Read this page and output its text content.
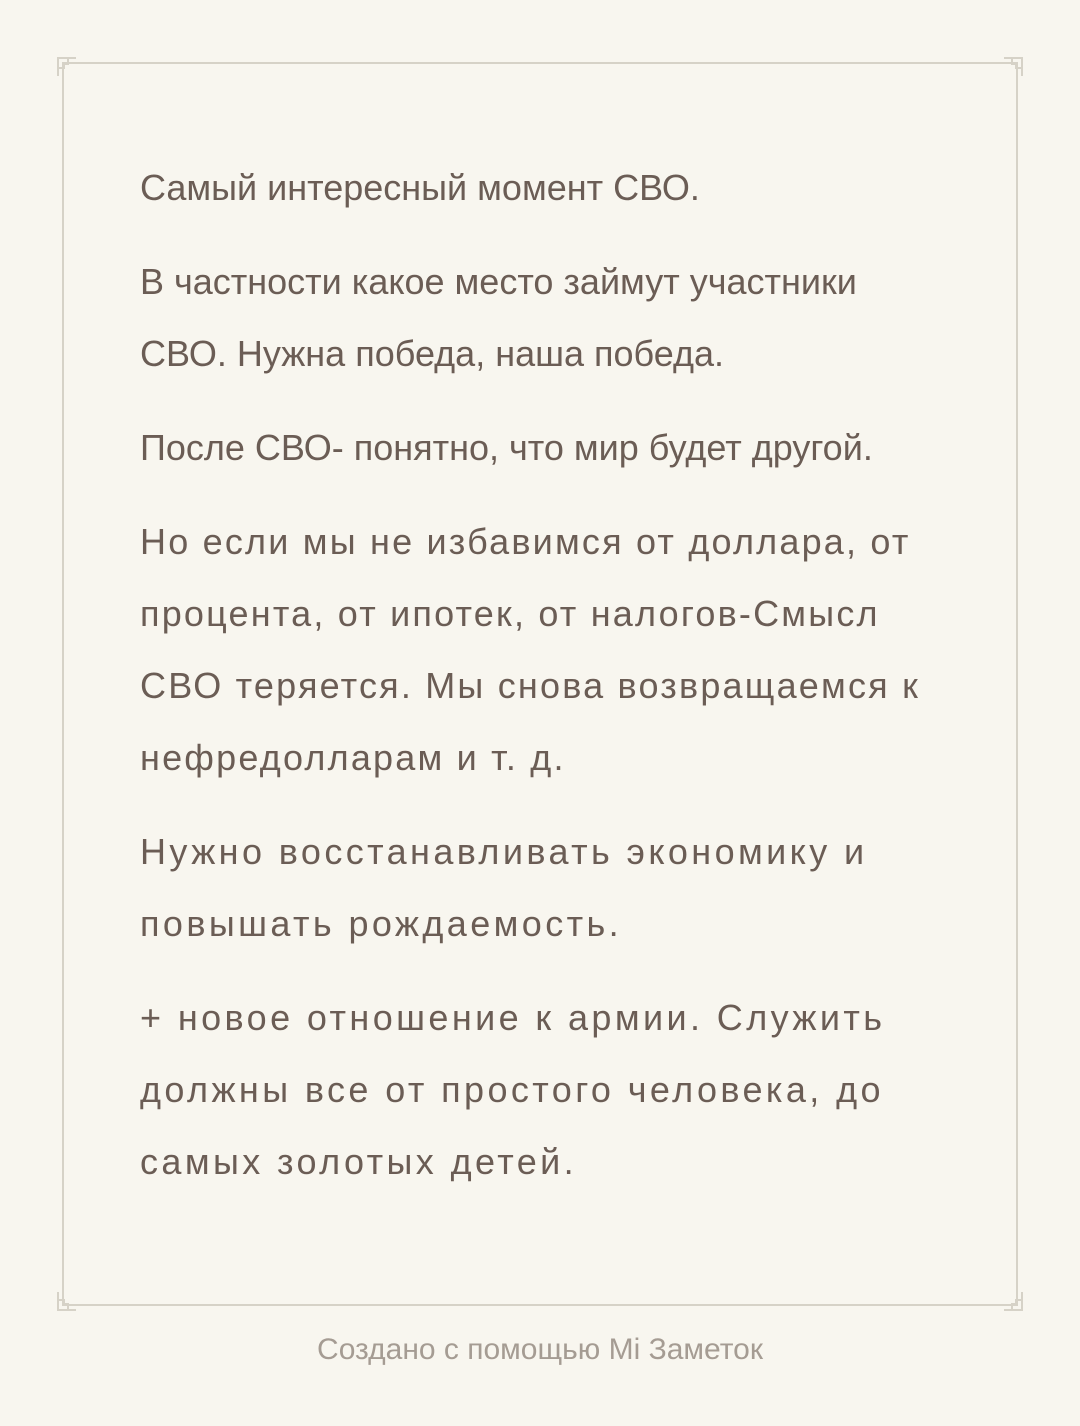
Самый интересный момент СВО.

В частности какое место займут участники СВО. Нужна победа, наша победа.

После СВО- понятно, что мир будет другой.

Но если мы не избавимся от доллара, от процента, от ипотек, от налогов-Смысл СВО теряется. Мы снова возвращаемся к нефредолларам и т. д.

Нужно восстанавливать экономику и повышать рождаемость.

+ новое отношение к армии. Служить должны все от простого человека, до самых золотых детей.

Создано с помощью Mi Заметок
